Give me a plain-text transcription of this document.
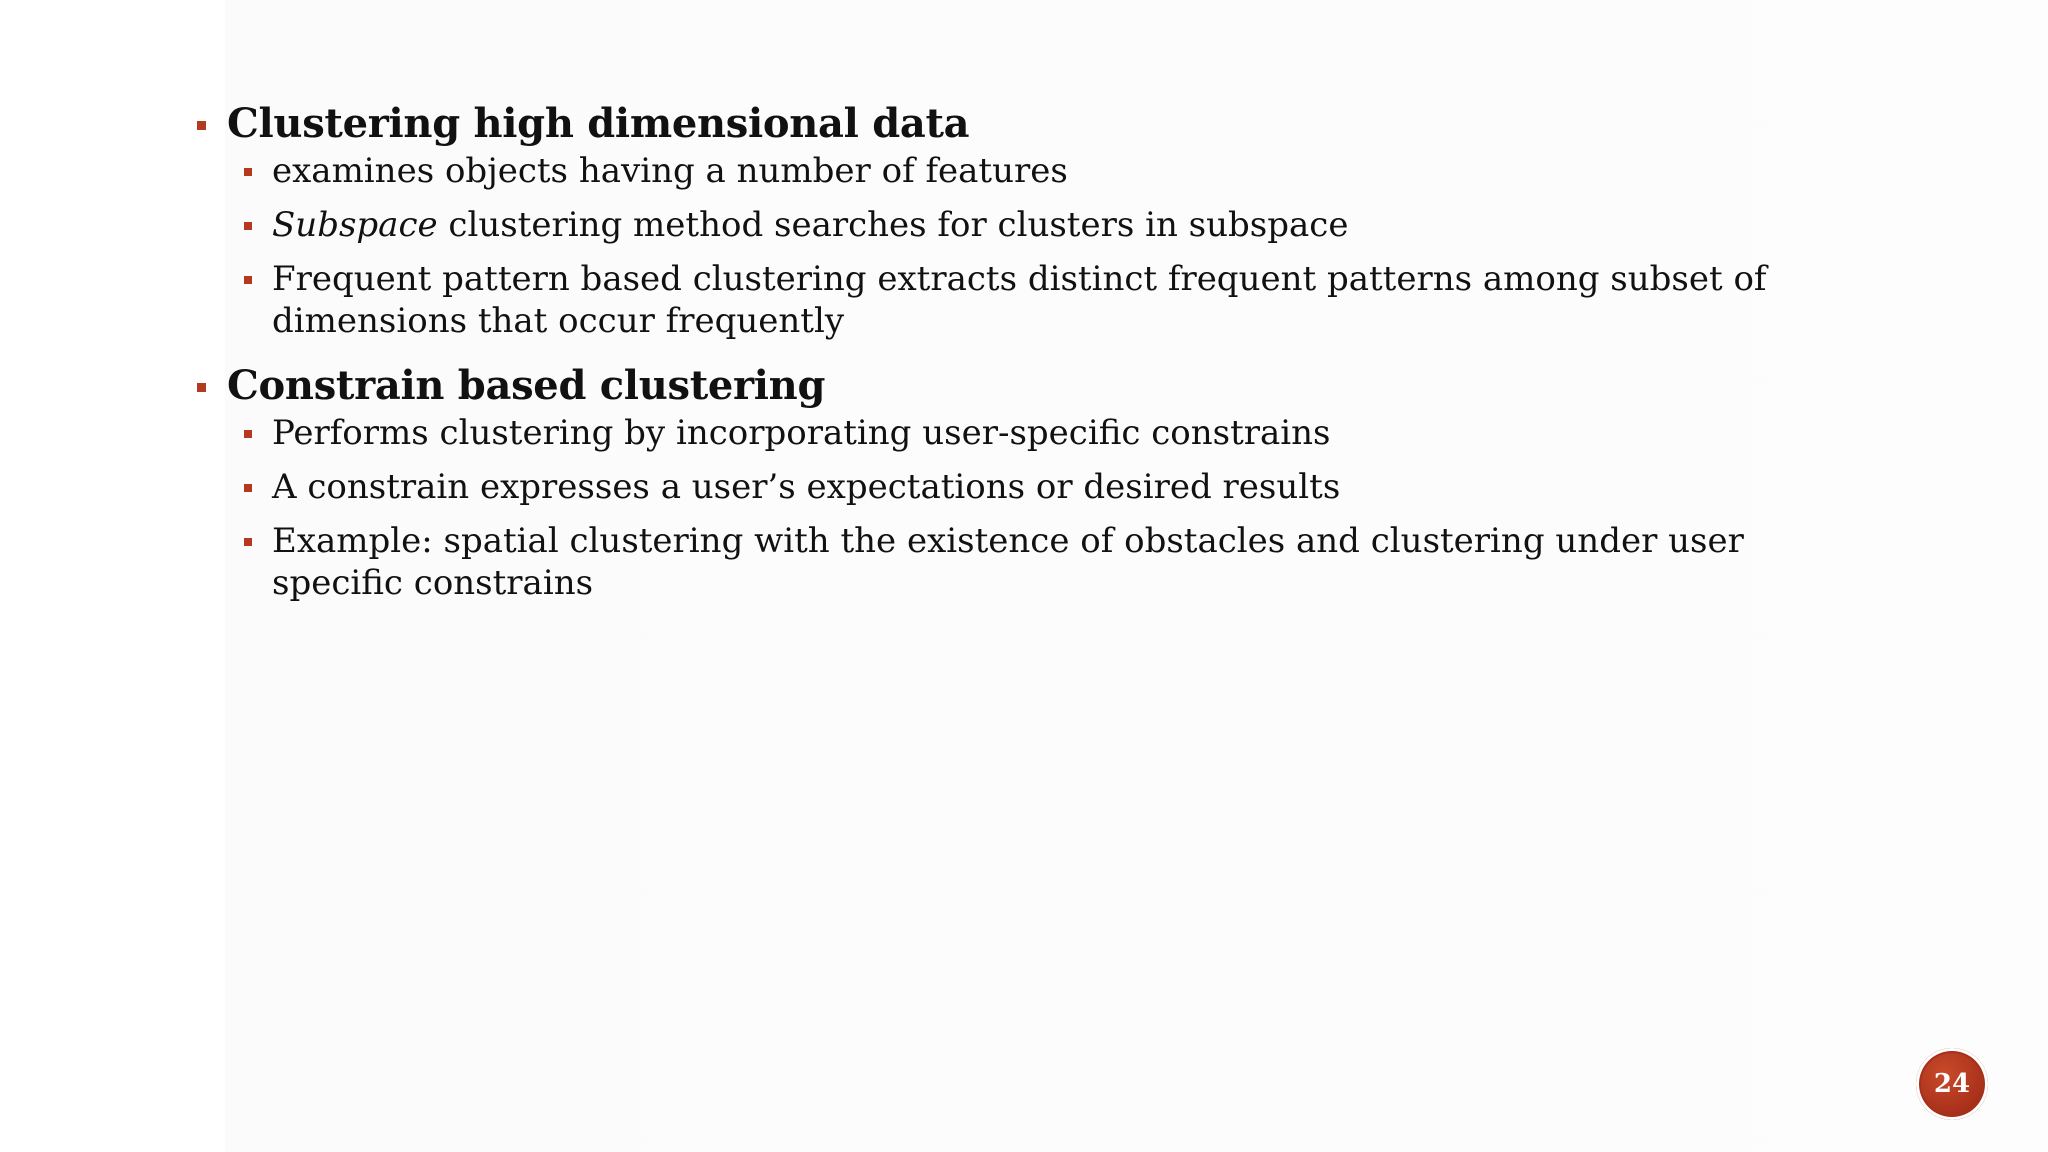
Clustering high dimensional data
examines objects having a number of features
Subspace clustering method searches for clusters in subspace
Frequent pattern based clustering extracts distinct frequent patterns among subset of dimensions that occur frequently
Constrain based clustering
Performs clustering by incorporating user-specific constrains
A constrain expresses a user’s expectations or desired results
Example: spatial clustering with the existence of obstacles and clustering under user specific constrains
24
